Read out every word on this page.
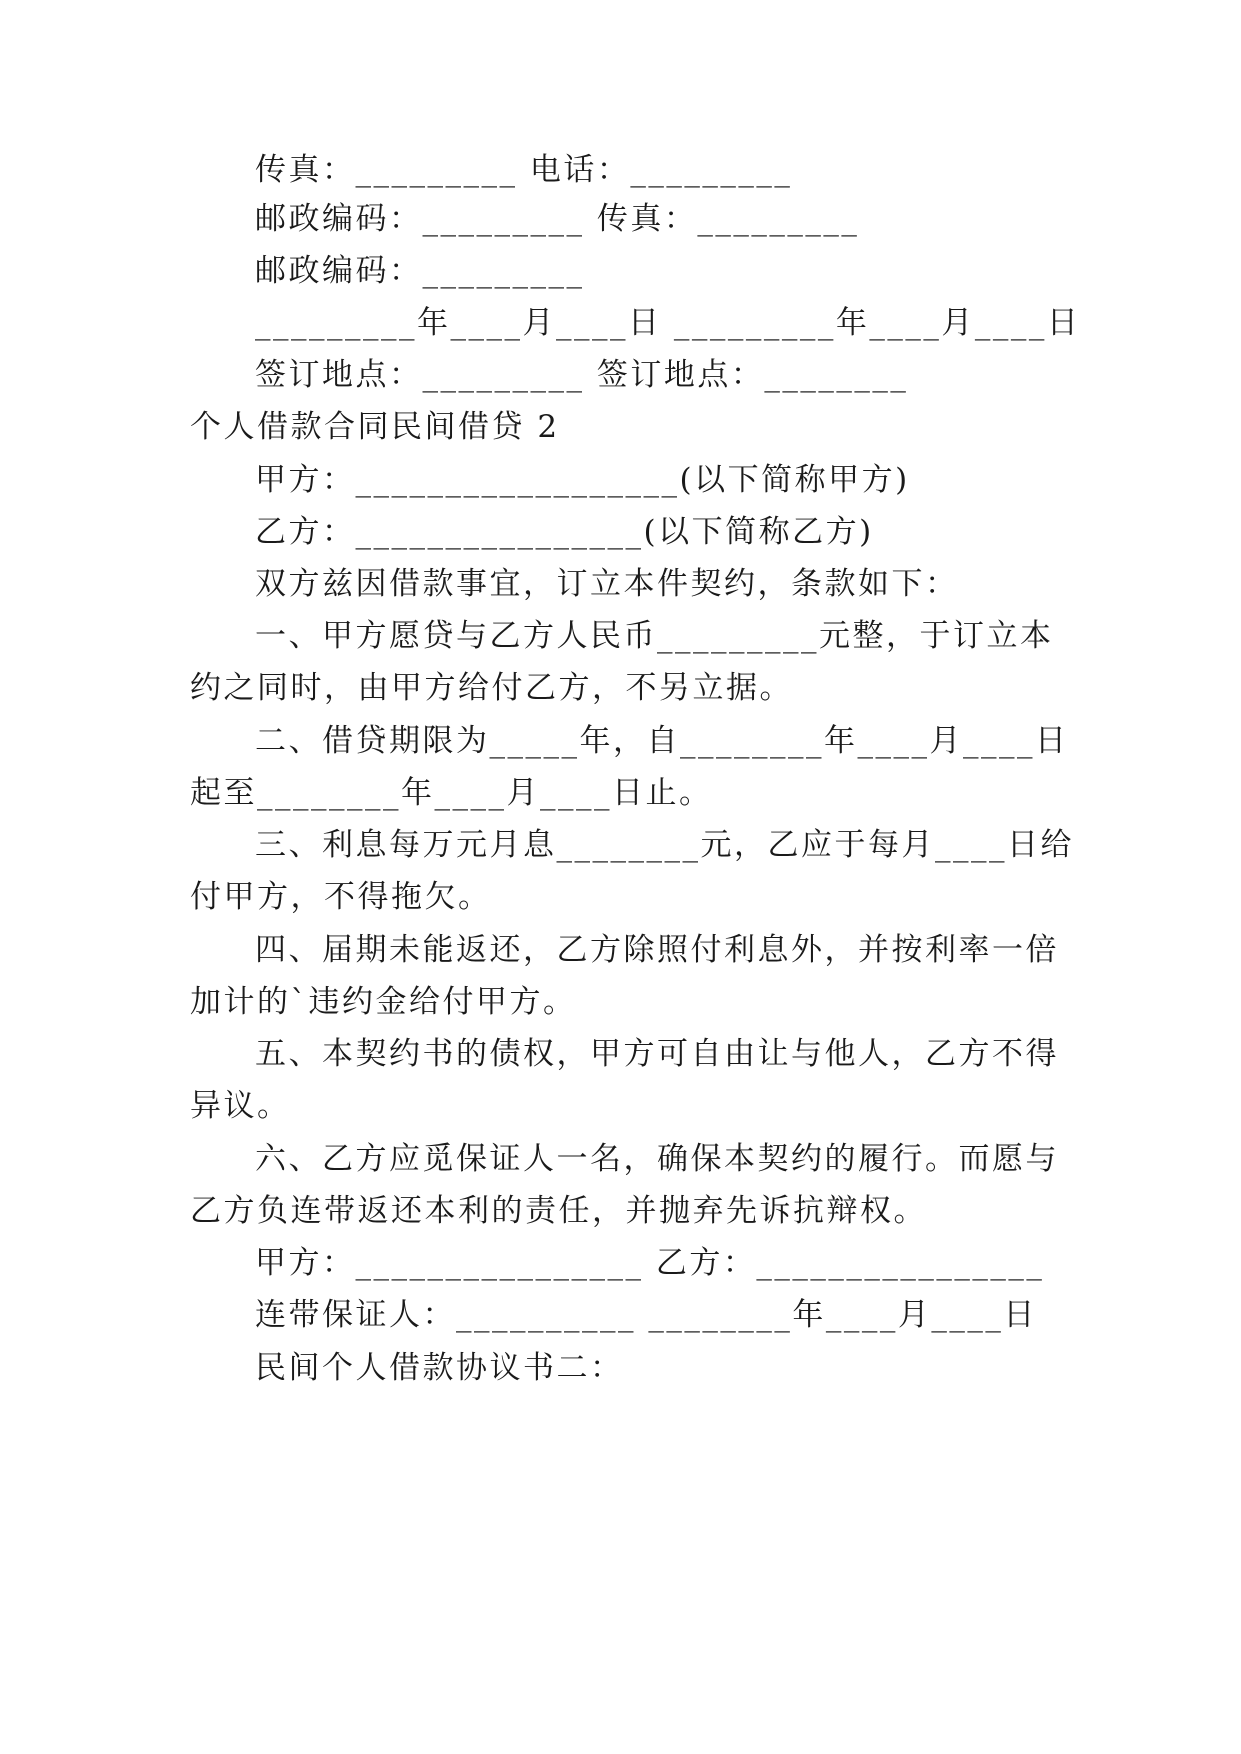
传真：_________ 电话：_________
邮政编码：_________ 传真：_________
邮政编码：_________
_________年____月____日 _________年____月____日
签订地点：_________ 签订地点：________
个人借款合同民间借贷 2
甲方：__________________(以下简称甲方)
乙方：________________(以下简称乙方)
双方兹因借款事宜，订立本件契约，条款如下：
一、甲方愿贷与乙方人民币_________元整，于订立本
约之同时，由甲方给付乙方，不另立据。
二、借贷期限为_____年，自________年____月____日
起至________年____月____日止。
三、利息每万元月息________元，乙应于每月____日给
付甲方，不得拖欠。
四、届期未能返还，乙方除照付利息外，并按利率一倍
加计的`违约金给付甲方。
五、本契约书的债权，甲方可自由让与他人，乙方不得
异议。
六、乙方应觅保证人一名，确保本契约的履行。而愿与
乙方负连带返还本利的责任，并抛弃先诉抗辩权。
甲方：________________ 乙方：________________
连带保证人：__________ ________年____月____日
民间个人借款协议书二：
